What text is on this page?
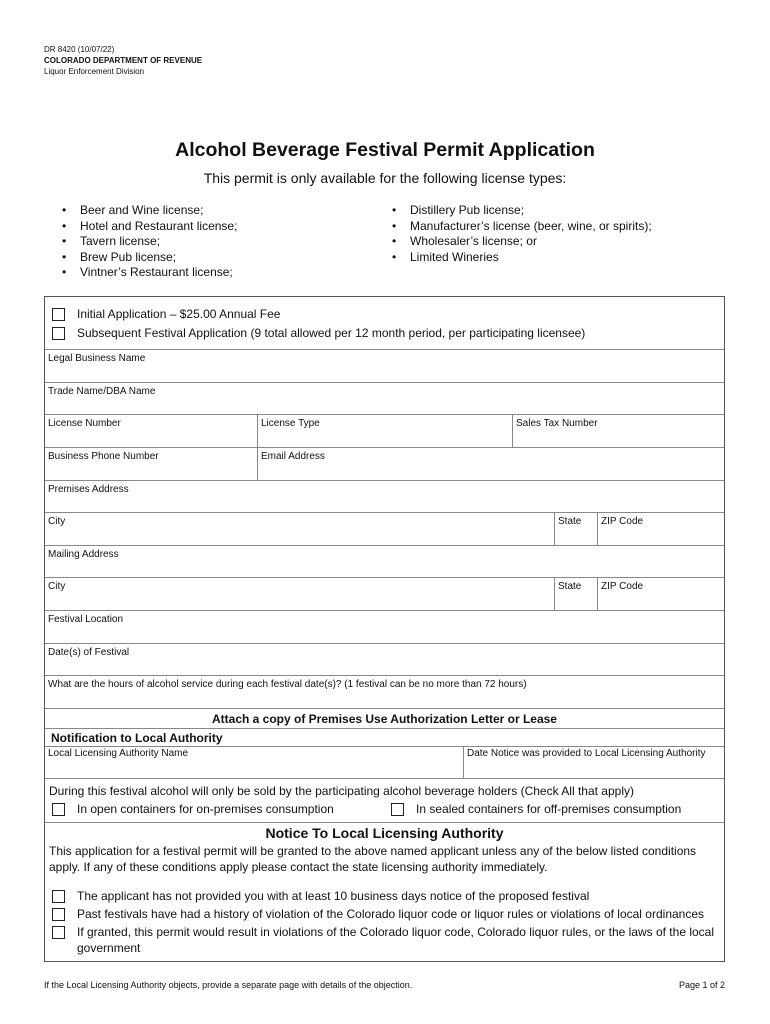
DR 8420 (10/07/22)
COLORADO DEPARTMENT OF REVENUE
Liquor Enforcement Division
Alcohol Beverage Festival Permit Application
This permit is only available for the following license types:
• Beer and Wine license;
• Hotel and Restaurant license;
• Tavern license;
• Brew Pub license;
• Vintner’s Restaurant license;
• Distillery Pub license;
• Manufacturer’s license (beer, wine, or spirits);
• Wholesaler’s license; or
• Limited Wineries
Initial Application – $25.00 Annual Fee
Subsequent Festival Application (9 total allowed per 12 month period, per participating licensee)
Legal Business Name
Trade Name/DBA Name
License Number	License Type	Sales Tax Number
Business Phone Number	Email Address
Premises Address
City	State	ZIP Code
Mailing Address
City	State	ZIP Code
Festival Location
Date(s) of Festival
What are the hours of alcohol service during each festival date(s)? (1 festival can be no more than 72 hours)
Attach a copy of Premises Use Authorization Letter or Lease
Notification to Local Authority
Local Licensing Authority Name	Date Notice was provided to Local Licensing Authority
During this festival alcohol will only be sold by the participating alcohol beverage holders (Check All that apply)
In open containers for on-premises consumption	In sealed containers for off-premises consumption
Notice To Local Licensing Authority
This application for a festival permit will be granted to the above named applicant unless any of the below listed conditions apply. If any of these conditions apply please contact the state licensing authority immediately.
The applicant has not provided you with at least 10 business days notice of the proposed festival
Past festivals have had a history of violation of the Colorado liquor code or liquor rules or violations of local ordinances
If granted, this permit would result in violations of the Colorado liquor code, Colorado liquor rules, or the laws of the local government
If the Local Licensing Authority objects, provide a separate page with details of the objection.	Page 1 of 2
